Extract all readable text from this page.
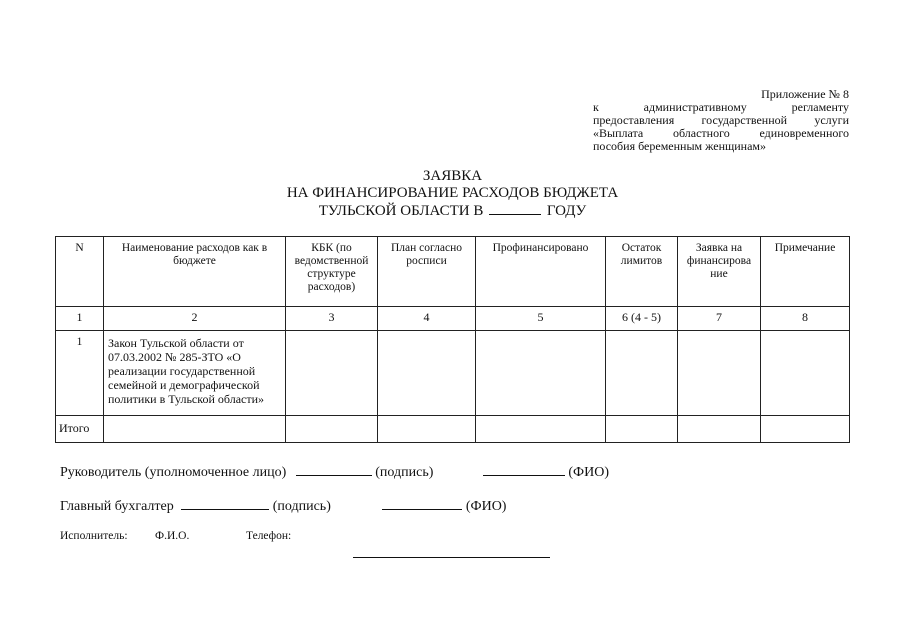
Приложение № 8
к административному регламенту
предоставления государственной услуги
«Выплата областного единовременного
пособия беременным женщинам»
ЗАЯВКА
НА ФИНАНСИРОВАНИЕ РАСХОДОВ БЮДЖЕТА
ТУЛЬСКОЙ ОБЛАСТИ В	ГОДУ
N	Наименование расходов как в бюджете	КБК (по ведомственной структуре расходов)	План согласно росписи	Профинансировано	Остаток лимитов	Заявка на финансирова ние	Примечание
1	2	3	4	5	6 (4 - 5)	7	8
1	Закон Тульской области от 07.03.2002 № 285-ЗТО «О реализации государственной семейной и демографической политики в Тульской области»						
Итого							
Руководитель (уполномоченное лицо)	(подпись)	(ФИО)
Главный бухгалтер	(подпись)	(ФИО)
Исполнитель: Ф.И.О.	Телефон:
